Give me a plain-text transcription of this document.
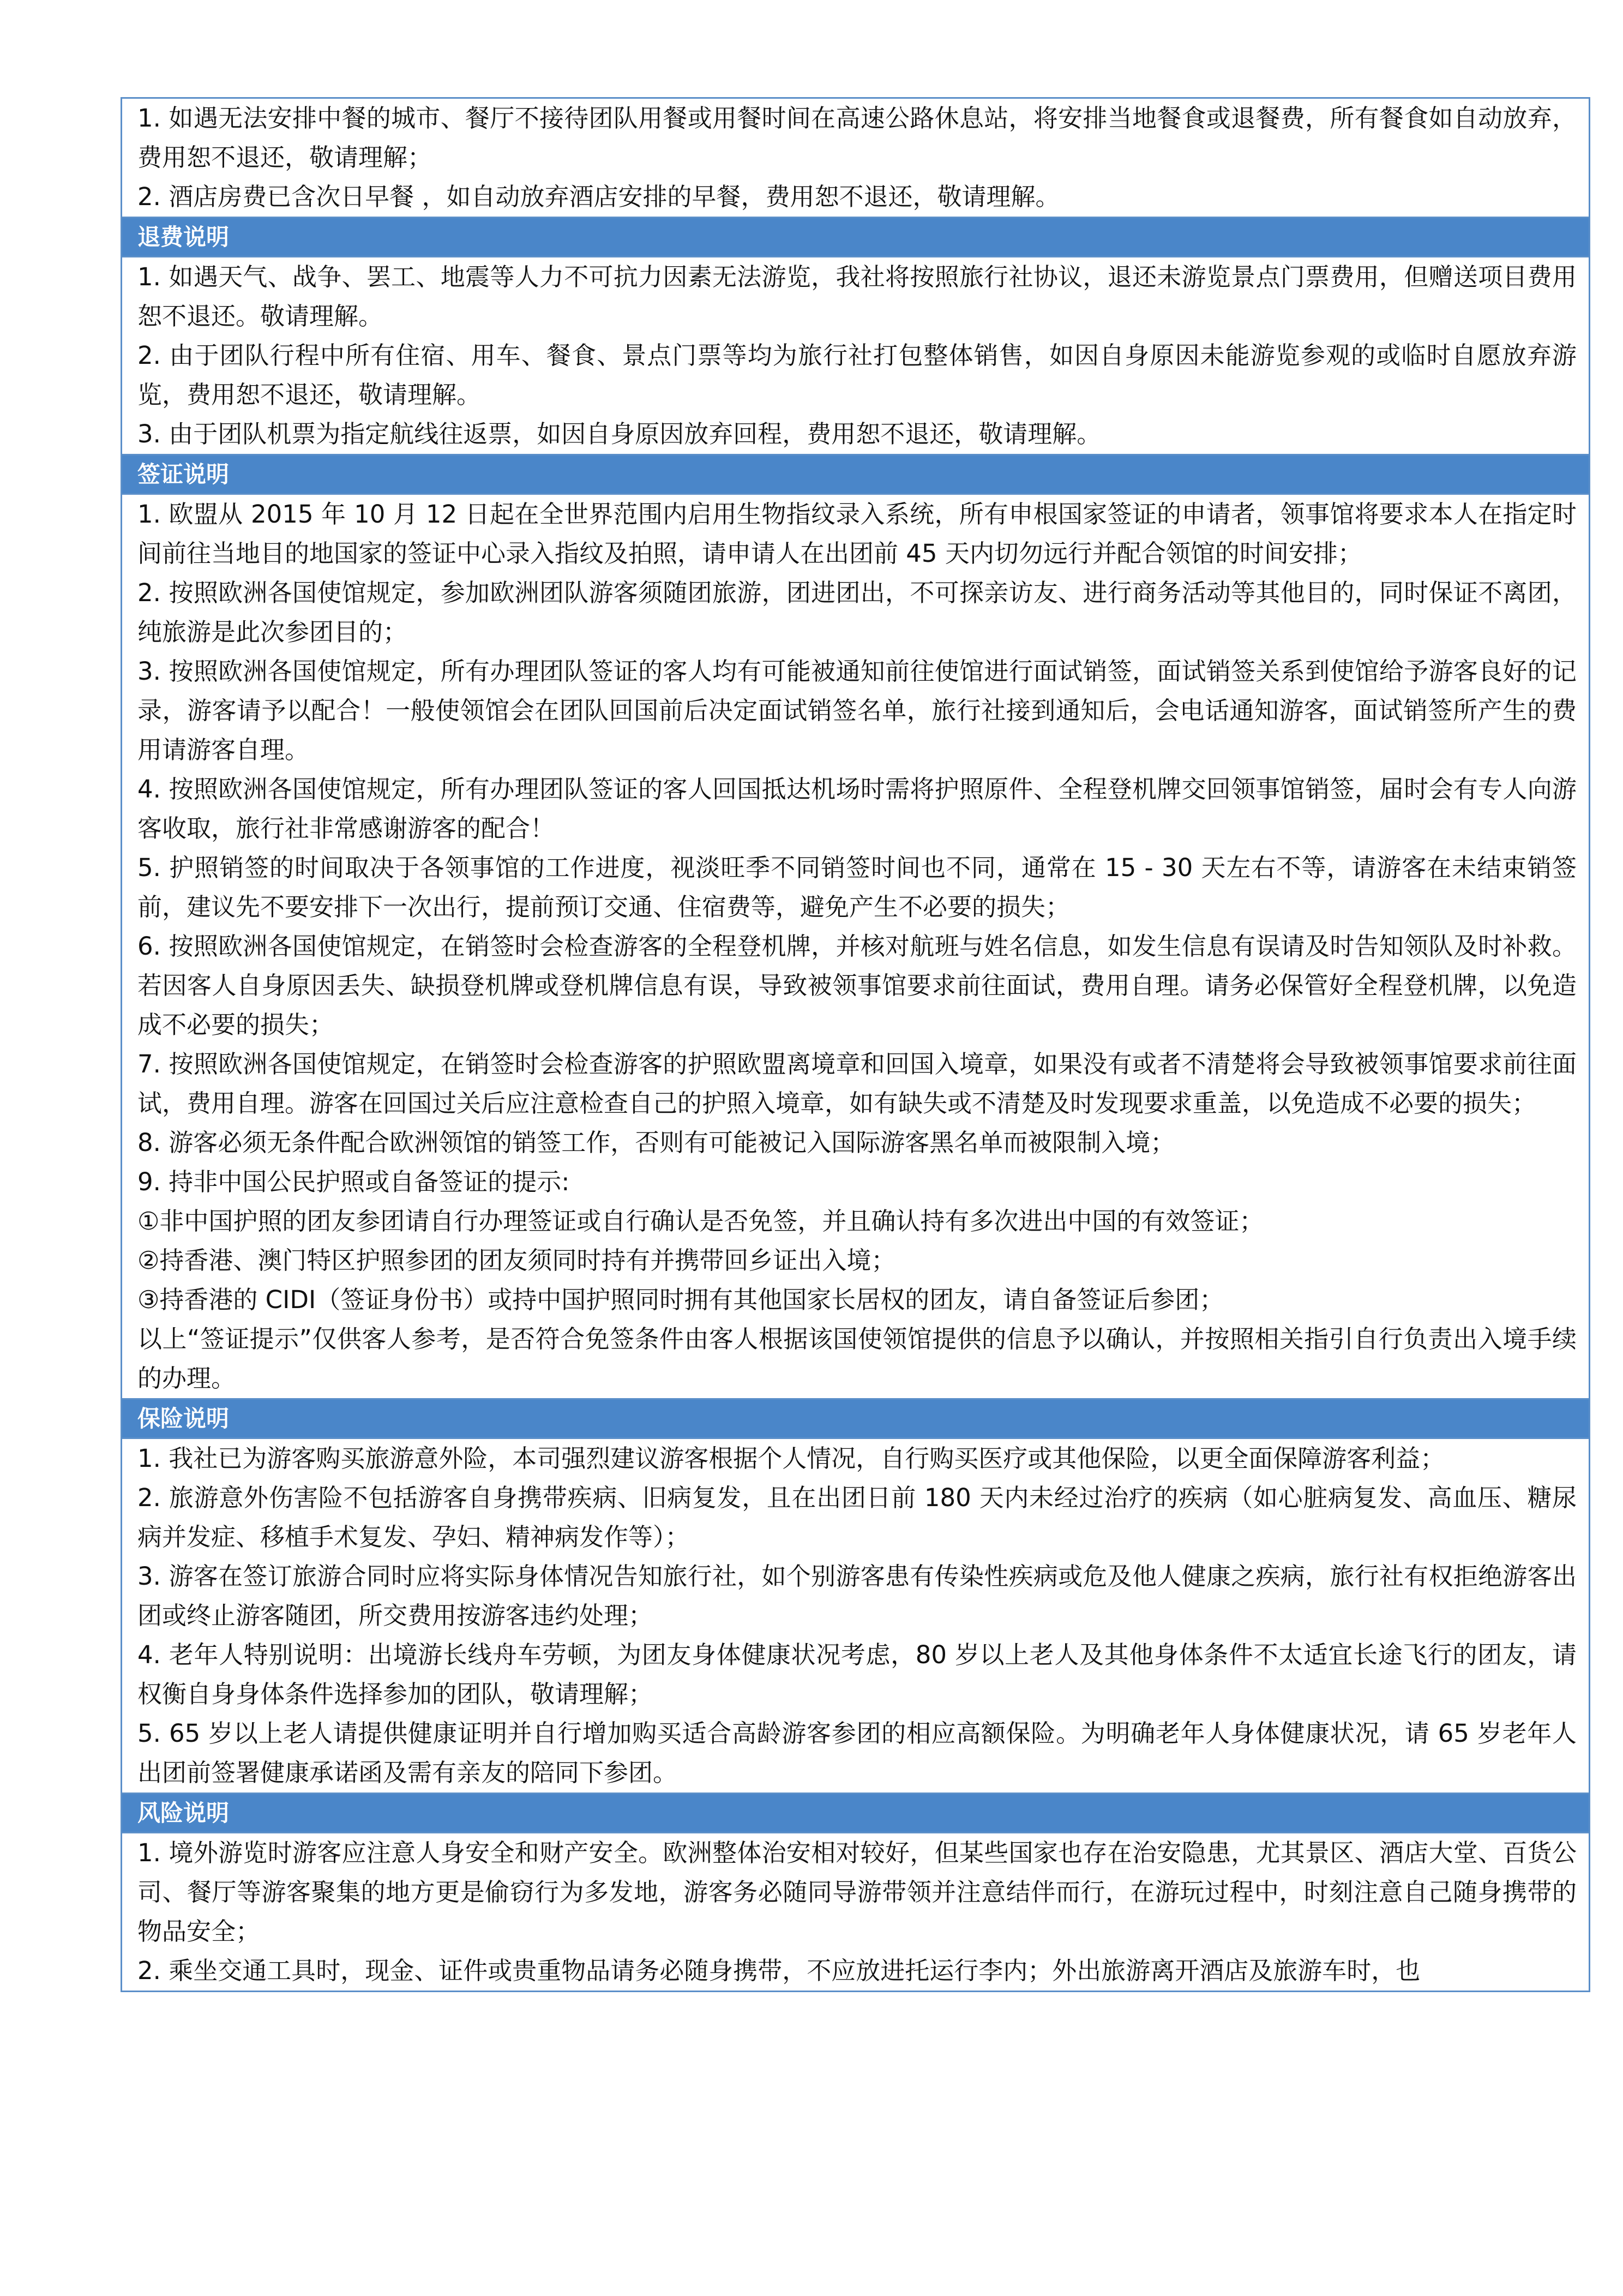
1. 如遇无法安排中餐的城市、餐厅不接待团队用餐或用餐时间在高速公路休息站，将安排当地餐食或退餐费，所有餐食如自动放弃，费用恕不退还，敬请理解；

2. 酒店房费已含次日早餐 ，如自动放弃酒店安排的早餐，费用恕不退还，敬请理解。

退费说明

1. 如遇天气、战争、罢工、地震等人力不可抗力因素无法游览，我社将按照旅行社协议，退还未游览景点门票费用，但赠送项目费用恕不退还。敬请理解。

2. 由于团队行程中所有住宿、用车、餐食、景点门票等均为旅行社打包整体销售，如因自身原因未能游览参观的或临时自愿放弃游览，费用恕不退还，敬请理解。

3. 由于团队机票为指定航线往返票，如因自身原因放弃回程，费用恕不退还，敬请理解。

签证说明

1. 欧盟从 2015 年 10 月 12 日起在全世界范围内启用生物指纹录入系统，所有申根国家签证的申请者，领事馆将要求本人在指定时间前往当地目的地国家的签证中心录入指纹及拍照，请申请人在出团前 45 天内切勿远行并配合领馆的时间安排；

2. 按照欧洲各国使馆规定，参加欧洲团队游客须随团旅游，团进团出，不可探亲访友、进行商务活动等其他目的，同时保证不离团，纯旅游是此次参团目的；

3. 按照欧洲各国使馆规定，所有办理团队签证的客人均有可能被通知前往使馆进行面试销签，面试销签关系到使馆给予游客良好的记录，游客请予以配合！一般使领馆会在团队回国前后决定面试销签名单，旅行社接到通知后，会电话通知游客，面试销签所产生的费用请游客自理。

4. 按照欧洲各国使馆规定，所有办理团队签证的客人回国抵达机场时需将护照原件、全程登机牌交回领事馆销签，届时会有专人向游客收取，旅行社非常感谢游客的配合！

5. 护照销签的时间取决于各领事馆的工作进度，视淡旺季不同销签时间也不同，通常在 15 - 30 天左右不等，请游客在未结束销签前，建议先不要安排下一次出行，提前预订交通、住宿费等，避免产生不必要的损失；

6. 按照欧洲各国使馆规定，在销签时会检查游客的全程登机牌，并核对航班与姓名信息，如发生信息有误请及时告知领队及时补救。若因客人自身原因丢失、缺损登机牌或登机牌信息有误，导致被领事馆要求前往面试，费用自理。请务必保管好全程登机牌，以免造成不必要的损失；

7. 按照欧洲各国使馆规定，在销签时会检查游客的护照欧盟离境章和回国入境章，如果没有或者不清楚将会导致被领事馆要求前往面试，费用自理。游客在回国过关后应注意检查自己的护照入境章，如有缺失或不清楚及时发现要求重盖，以免造成不必要的损失；

8. 游客必须无条件配合欧洲领馆的销签工作，否则有可能被记入国际游客黑名单而被限制入境；

9. 持非中国公民护照或自备签证的提示:

①非中国护照的团友参团请自行办理签证或自行确认是否免签，并且确认持有多次进出中国的有效签证；

②持香港、澳门特区护照参团的团友须同时持有并携带回乡证出入境；

③持香港的 CIDI（签证身份书）或持中国护照同时拥有其他国家长居权的团友，请自备签证后参团；

以上“签证提示”仅供客人参考，是否符合免签条件由客人根据该国使领馆提供的信息予以确认，并按照相关指引自行负责出入境手续的办理。

保险说明

1. 我社已为游客购买旅游意外险，本司强烈建议游客根据个人情况，自行购买医疗或其他保险，以更全面保障游客利益；

2. 旅游意外伤害险不包括游客自身携带疾病、旧病复发，且在出团日前 180 天内未经过治疗的疾病（如心脏病复发、高血压、糖尿病并发症、移植手术复发、孕妇、精神病发作等）；

3. 游客在签订旅游合同时应将实际身体情况告知旅行社，如个别游客患有传染性疾病或危及他人健康之疾病，旅行社有权拒绝游客出团或终止游客随团，所交费用按游客违约处理；

4. 老年人特别说明：出境游长线舟车劳顿，为团友身体健康状况考虑，80 岁以上老人及其他身体条件不太适宜长途飞行的团友，请权衡自身身体条件选择参加的团队，敬请理解；

5. 65 岁以上老人请提供健康证明并自行增加购买适合高龄游客参团的相应高额保险。为明确老年人身体健康状况，请 65 岁老年人出团前签署健康承诺函及需有亲友的陪同下参团。

风险说明

1. 境外游览时游客应注意人身安全和财产安全。欧洲整体治安相对较好，但某些国家也存在治安隐患，尤其景区、酒店大堂、百货公司、餐厅等游客聚集的地方更是偷窃行为多发地，游客务必随同导游带领并注意结伴而行，在游玩过程中，时刻注意自己随身携带的物品安全；

2. 乘坐交通工具时，现金、证件或贵重物品请务必随身携带，不应放进托运行李内；外出旅游离开酒店及旅游车时，也
